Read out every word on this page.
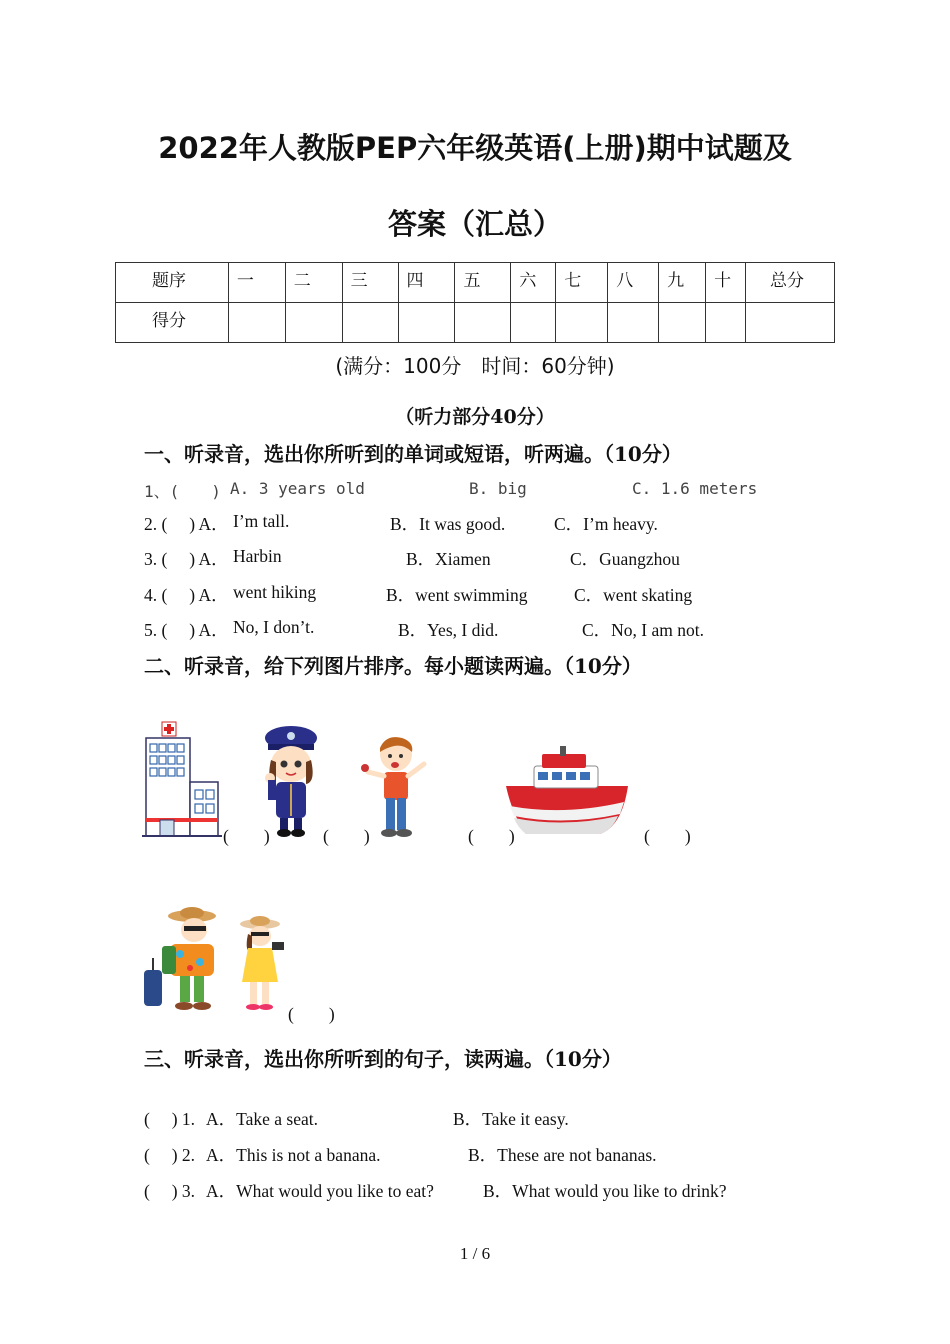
2022年人教版PEP六年级英语(上册)期中试题及
答案（汇总）
题序	一	二	三	四	五	六	七	八	九	十	总分
得分											
(满分：100分　时间：60分钟)
（听力部分40分）
一、听录音，选出你所听到的单词或短语，听两遍。（10分）
1、(　　) A. 3 years old	B. big	C. 1.6 meters
2. ( 　) A． I’m tall.	B．It was good.	C．I’m heavy.
3. ( 　) A． Harbin	B．Xiamen	C．Guangzhou
4. ( 　) A． went hiking	B．went swimming	C．went skating
5. ( 　) A． No, I don’t.	B．Yes, I did.	C．No, I am not.
二、听录音，给下列图片排序。每小题读两遍。（10分）
(　　)	(　　)	(　　)	(　　)
(　　)
三、听录音，选出你所听到的句子，读两遍。（10分）
(　 ) 1. A．Take a seat.	B．Take it easy.
(　 ) 2. A．This is not a banana.	B．These are not bananas.
(　 ) 3. A．What would you like to eat?	B．What would you like to drink?
1 / 6
